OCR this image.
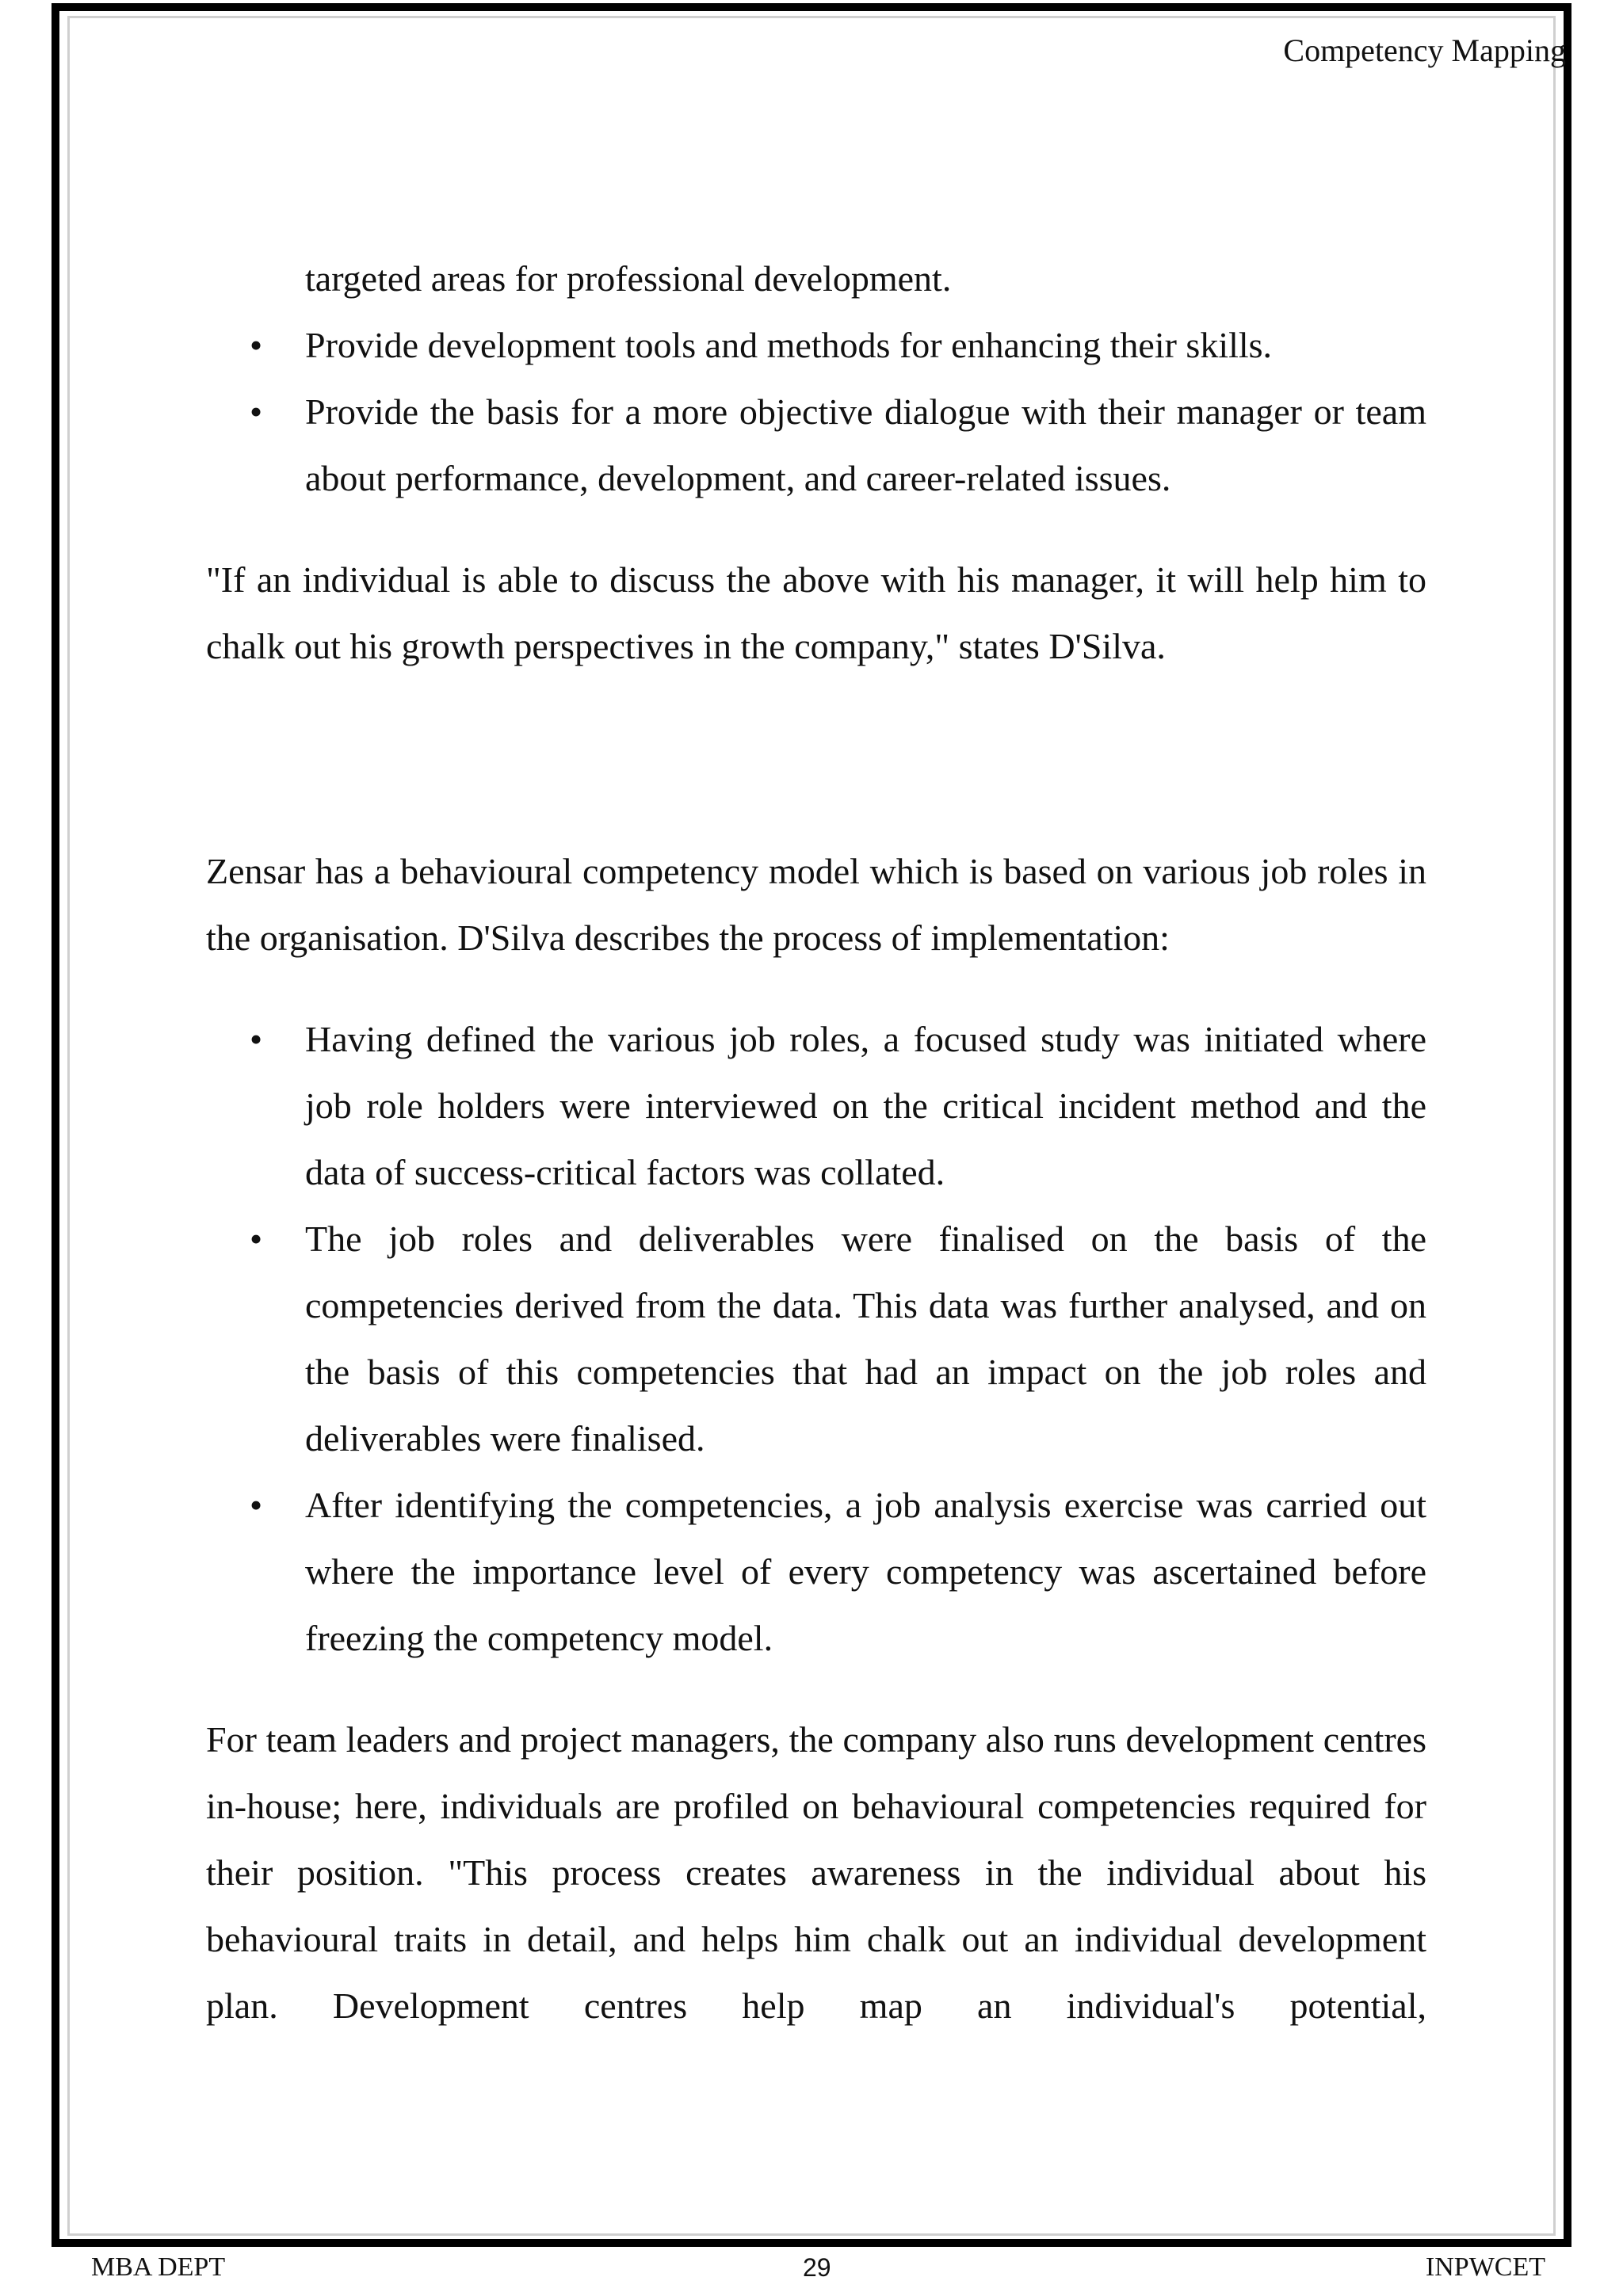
Competency Mapping

targeted areas for professional development.

• Provide development tools and methods for enhancing their skills.
• Provide the basis for a more objective dialogue with their manager or team about performance, development, and career-related issues.

"If an individual is able to discuss the above with his manager, it will help him to chalk out his growth perspectives in the company," states D'Silva.

Zensar has a behavioural competency model which is based on various job roles in the organisation. D'Silva describes the process of implementation:

• Having defined the various job roles, a focused study was initiated where job role holders were interviewed on the critical incident method and the data of success-critical factors was collated.
• The job roles and deliverables were finalised on the basis of the competencies derived from the data. This data was further analysed, and on the basis of this competencies that had an impact on the job roles and deliverables were finalised.
• After identifying the competencies, a job analysis exercise was carried out where the importance level of every competency was ascertained before freezing the competency model.

For team leaders and project managers, the company also runs development centres in-house; here, individuals are profiled on behavioural competencies required for their position. "This process creates awareness in the individual about his behavioural traits in detail, and helps him chalk out an individual development plan. Development centres help map an individual's potential,

MBA DEPT	29	INPWCET
